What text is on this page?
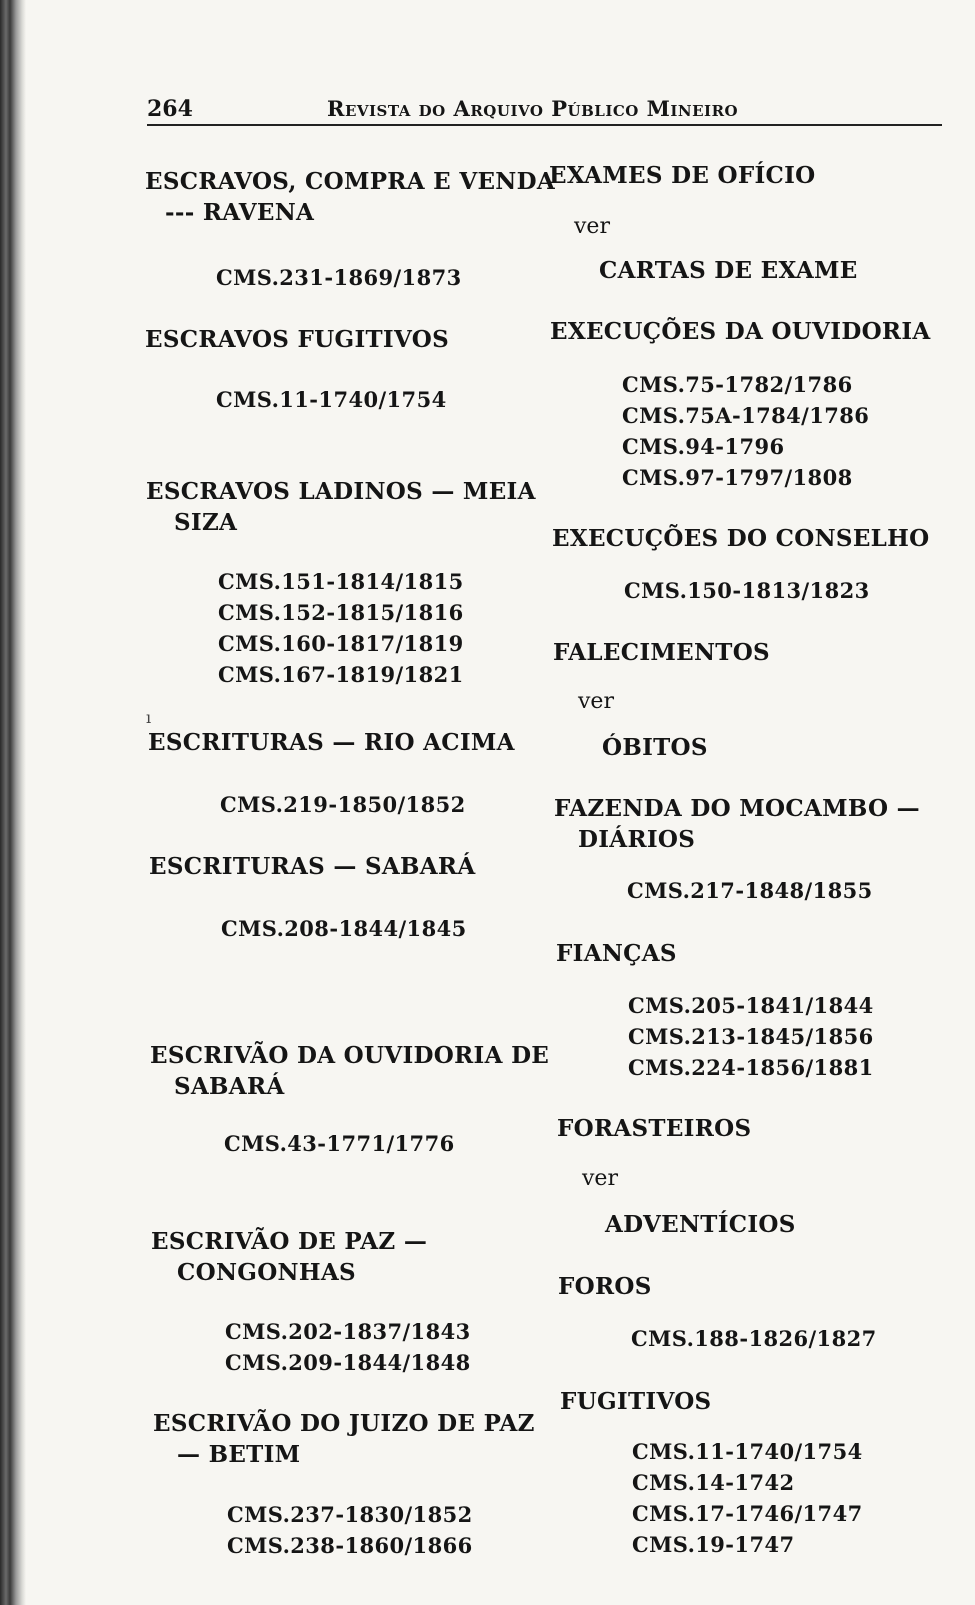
264	Revista do Arquivo Público Mineiro
ESCRAVOS, COMPRA E VENDA
--- RAVENA
CMS.231-1869/1873
ESCRAVOS FUGITIVOS
CMS.11-1740/1754
ESCRAVOS LADINOS — MEIA
SIZA
CMS.151-1814/1815
CMS.152-1815/1816
CMS.160-1817/1819
CMS.167-1819/1821
ı
ESCRITURAS — RIO ACIMA
CMS.219-1850/1852
ESCRITURAS — SABARÁ
CMS.208-1844/1845
ESCRIVÃO DA OUVIDORIA DE
SABARÁ
CMS.43-1771/1776
ESCRIVÃO DE PAZ —
CONGONHAS
CMS.202-1837/1843
CMS.209-1844/1848
ESCRIVÃO DO JUIZO DE PAZ
— BETIM
CMS.237-1830/1852
CMS.238-1860/1866
EXAMES DE OFÍCIO
ver
CARTAS DE EXAME
EXECUÇÕES DA OUVIDORIA
CMS.75-1782/1786
CMS.75A-1784/1786
CMS.94-1796
CMS.97-1797/1808
EXECUÇÕES DO CONSELHO
CMS.150-1813/1823
FALECIMENTOS
ver
ÓBITOS
FAZENDA DO MOCAMBO —
DIÁRIOS
CMS.217-1848/1855
FIANÇAS
CMS.205-1841/1844
CMS.213-1845/1856
CMS.224-1856/1881
FORASTEIROS
ver
ADVENTÍCIOS
FOROS
CMS.188-1826/1827
FUGITIVOS
CMS.11-1740/1754
CMS.14-1742
CMS.17-1746/1747
CMS.19-1747
